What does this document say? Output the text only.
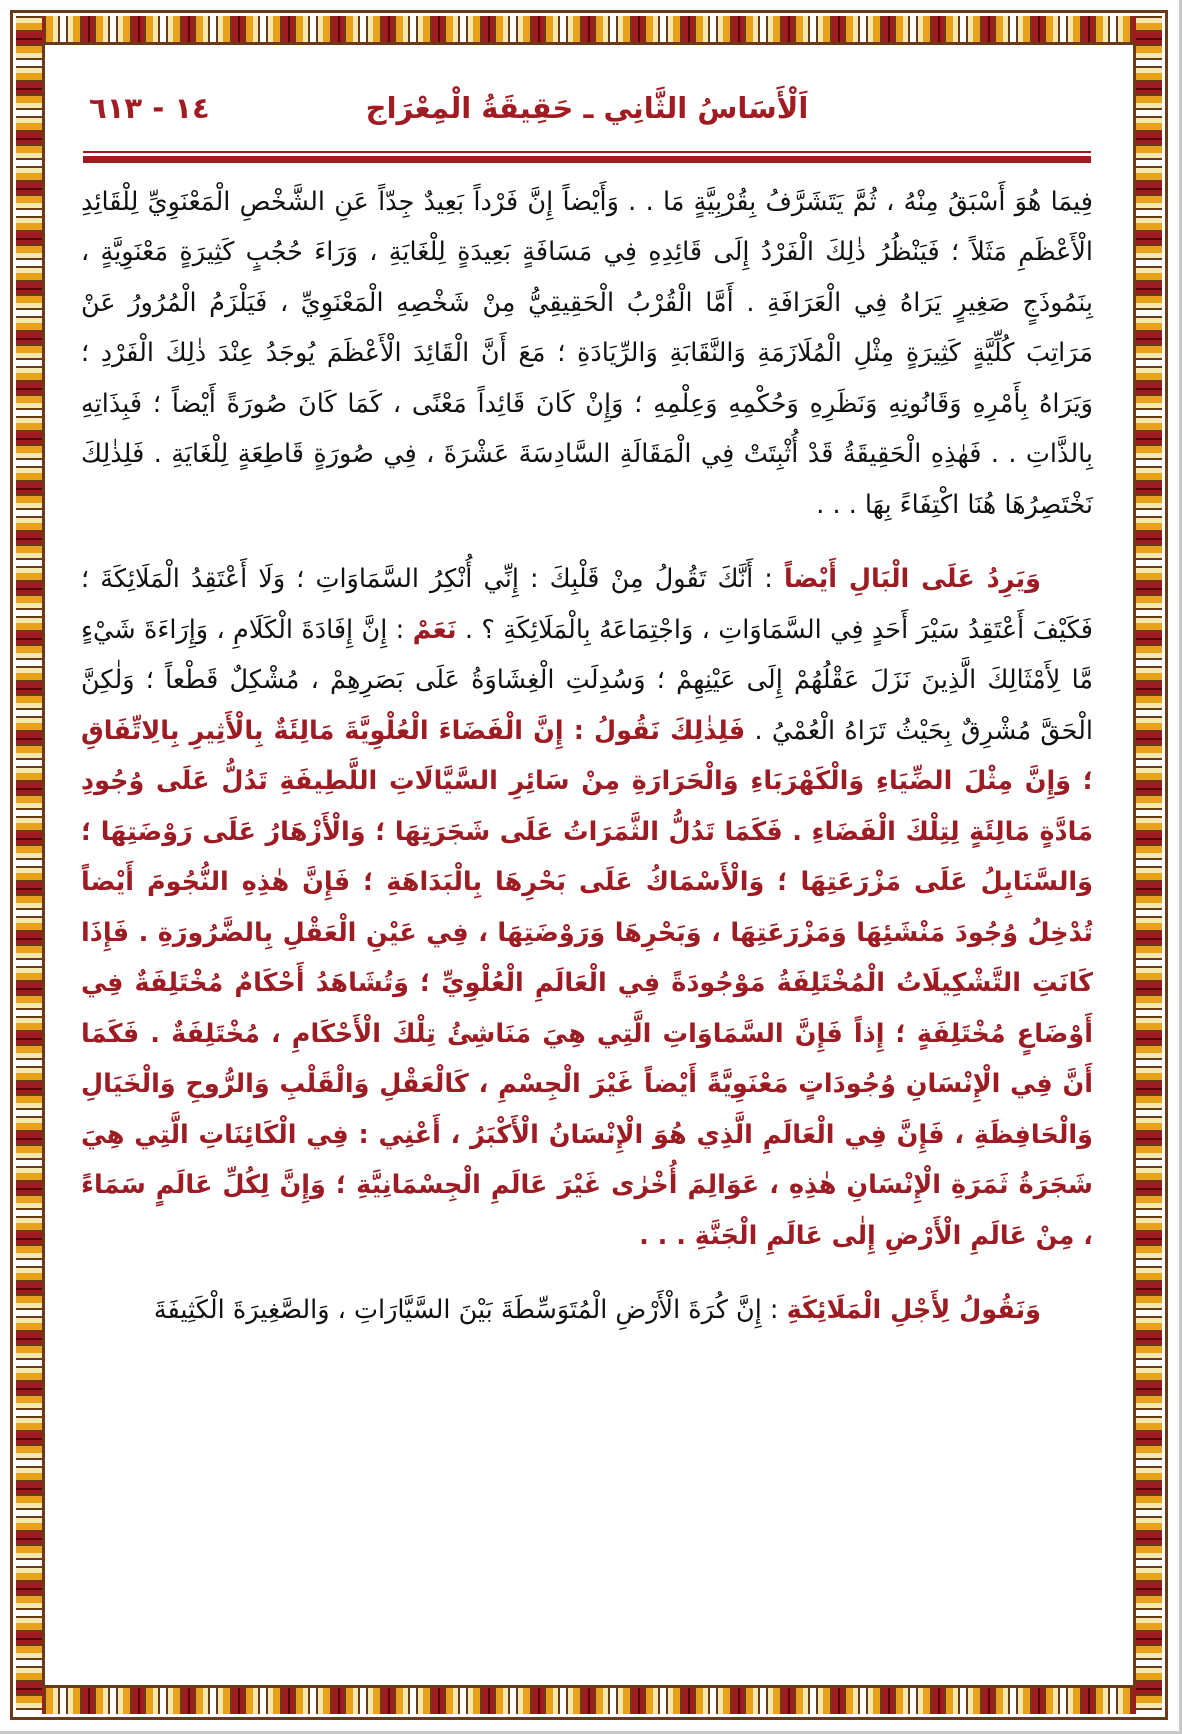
١٤ - ٦١٣	اَلْأَسَاسُ الثَّانِي ـ حَقِيقَةُ الْمِعْرَاج

فِيمَا هُوَ أَسْبَقُ مِنْهُ ، ثُمَّ يَتَشَرَّفُ بِقُرْبِيَّةٍ مَا . . وَأَيْضاً إِنَّ فَرْداً بَعِيدٌ جِدّاً عَنِ الشَّخْصِ الْمَعْنَوِيِّ لِلْقَائِدِ الْأَعْظَمِ مَثَلاً ؛ فَيَنْظُرُ ذٰلِكَ الْفَرْدُ إِلَى قَائِدِهِ فِي مَسَافَةٍ بَعِيدَةٍ لِلْغَايَةِ ، وَرَاءَ حُجُبٍ كَثِيرَةٍ مَعْنَوِيَّةٍ ، بِنَمُوذَجٍ صَغِيرٍ يَرَاهُ فِي الْعَرَافَةِ . أَمَّا الْقُرْبُ الْحَقِيقِيُّ مِنْ شَخْصِهِ الْمَعْنَوِيِّ ، فَيَلْزَمُ الْمُرُورُ عَنْ مَرَاتِبَ كُلِّيَّةٍ كَثِيرَةٍ مِثْلِ الْمُلَازَمَةِ وَالنَّقَابَةِ وَالرِّيَادَةِ ؛ مَعَ أَنَّ الْقَائِدَ الْأَعْظَمَ يُوجَدُ عِنْدَ ذٰلِكَ الْفَرْدِ ؛ وَيَرَاهُ بِأَمْرِهِ وَقَانُونِهِ وَنَظَرِهِ وَحُكْمِهِ وَعِلْمِهِ ؛ وَإِنْ كَانَ قَائِداً مَعْنًى ، كَمَا كَانَ صُورَةً أَيْضاً ؛ فَبِذَاتِهِ بِالذَّاتِ . . فَهٰذِهِ الْحَقِيقَةُ قَدْ أُثْبِتَتْ فِي الْمَقَالَةِ السَّادِسَةَ عَشْرَةَ ، فِي صُورَةٍ قَاطِعَةٍ لِلْغَايَةِ . فَلِذٰلِكَ نَخْتَصِرُهَا هُنَا اكْتِفَاءً بِهَا . . .

وَيَرِدُ عَلَى الْبَالِ أَيْضاً : أَنَّكَ تَقُولُ مِنْ قَلْبِكَ : إِنِّي أُنْكِرُ السَّمَاوَاتِ ؛ وَلَا أَعْتَقِدُ الْمَلَائِكَةَ ؛ فَكَيْفَ أَعْتَقِدُ سَيْرَ أَحَدٍ فِي السَّمَاوَاتِ ، وَاجْتِمَاعَهُ بِالْمَلَائِكَةِ ؟ . نَعَمْ : إِنَّ إِفَادَةَ الْكَلَامِ ، وَإِرَاءَةَ شَيْءٍ مَّا لِأَمْثَالِكَ الَّذِينَ نَزَلَ عَقْلُهُمْ إِلَى عَيْنِهِمْ ؛ وَسُدِلَتِ الْغِشَاوَةُ عَلَى بَصَرِهِمْ ، مُشْكِلٌ قَطْعاً ؛ وَلٰكِنَّ الْحَقَّ مُشْرِقٌ بِحَيْثُ تَرَاهُ الْعُمْيُ . فَلِذٰلِكَ نَقُولُ : إِنَّ الْفَضَاءَ الْعُلْوِيَّةَ مَالِئَةٌ بِالْأَثِيرِ بِالِاتِّفَاقِ ؛ وَإِنَّ مِثْلَ الضِّيَاءِ وَالْكَهْرَبَاءِ وَالْحَرَارَةِ مِنْ سَائِرِ السَّيَّالَاتِ اللَّطِيفَةِ تَدُلُّ عَلَى وُجُودِ مَادَّةٍ مَالِئَةٍ لِتِلْكَ الْفَضَاءِ . فَكَمَا تَدُلُّ الثَّمَرَاتُ عَلَى شَجَرَتِهَا ؛ وَالْأَزْهَارُ عَلَى رَوْضَتِهَا ؛ وَالسَّنَابِلُ عَلَى مَزْرَعَتِهَا ؛ وَالْأَسْمَاكُ عَلَى بَحْرِهَا بِالْبَدَاهَةِ ؛ فَإِنَّ هٰذِهِ النُّجُومَ أَيْضاً تُدْخِلُ وُجُودَ مَنْشَئِهَا وَمَزْرَعَتِهَا ، وَبَحْرِهَا وَرَوْضَتِهَا ، فِي عَيْنِ الْعَقْلِ بِالضَّرُورَةِ . فَإِذَا كَانَتِ التَّشْكِيلَاتُ الْمُخْتَلِفَةُ مَوْجُودَةً فِي الْعَالَمِ الْعُلْوِيِّ ؛ وَتُشَاهَدُ أَحْكَامٌ مُخْتَلِفَةٌ فِي أَوْضَاعٍ مُخْتَلِفَةٍ ؛ إِذاً فَإِنَّ السَّمَاوَاتِ الَّتِي هِيَ مَنَاشِئُ تِلْكَ الْأَحْكَامِ ، مُخْتَلِفَةٌ . فَكَمَا أَنَّ فِي الْإِنْسَانِ وُجُودَاتٍ مَعْنَوِيَّةً أَيْضاً غَيْرَ الْجِسْمِ ، كَالْعَقْلِ وَالْقَلْبِ وَالرُّوحِ وَالْخَيَالِ وَالْحَافِظَةِ ، فَإِنَّ فِي الْعَالَمِ الَّذِي هُوَ الْإِنْسَانُ الْأَكْبَرُ ، أَعْنِي : فِي الْكَائِنَاتِ الَّتِي هِيَ شَجَرَةُ ثَمَرَةِ الْإِنْسَانِ هٰذِهِ ، عَوَالِمَ أُخْرٰى غَيْرَ عَالَمِ الْجِسْمَانِيَّةِ ؛ وَإِنَّ لِكُلِّ عَالَمٍ سَمَاءً ، مِنْ عَالَمِ الْأَرْضِ إِلٰى عَالَمِ الْجَنَّةِ . . .

وَنَقُولُ لِأَجْلِ الْمَلَائِكَةِ : إِنَّ كُرَةَ الْأَرْضِ الْمُتَوَسِّطَةَ بَيْنَ السَّيَّارَاتِ ، وَالصَّغِيرَةَ الْكَثِيفَةَ
